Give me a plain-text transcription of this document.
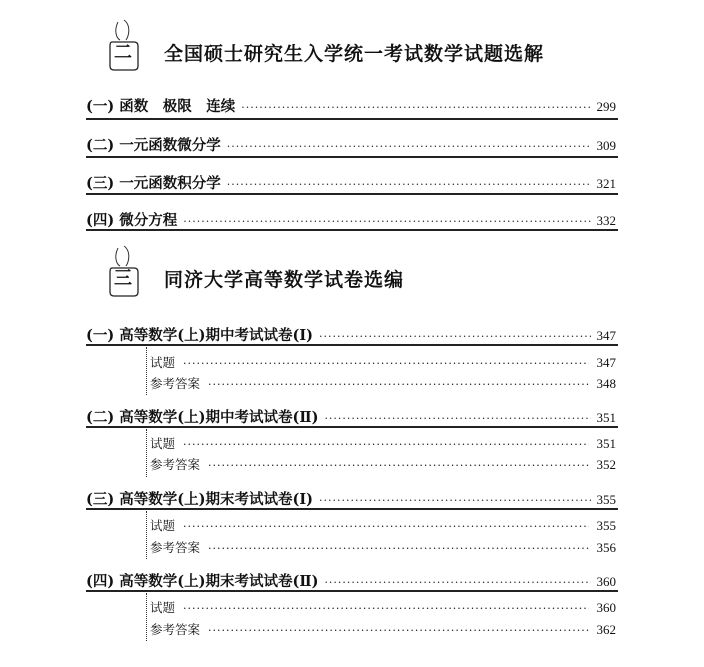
二 全国硕士研究生入学统一考试数学试题选解
(一) 函数　极限　连续 ·····	299
(二) 一元函数微分学 ·····	309
(三) 一元函数积分学 ·····	321
(四) 微分方程 ·····	332
三 同济大学高等数学试卷选编
(一) 高等数学(上)期中考试试卷(Ⅰ) ·····	347
试题 ·····	347
参考答案 ·····	348
(二) 高等数学(上)期中考试试卷(Ⅱ) ·····	351
试题 ·····	351
参考答案 ·····	352
(三) 高等数学(上)期末考试试卷(Ⅰ) ·····	355
试题 ·····	355
参考答案 ·····	356
(四) 高等数学(上)期末考试试卷(Ⅱ) ·····	360
试题 ·····	360
参考答案 ·····	362
